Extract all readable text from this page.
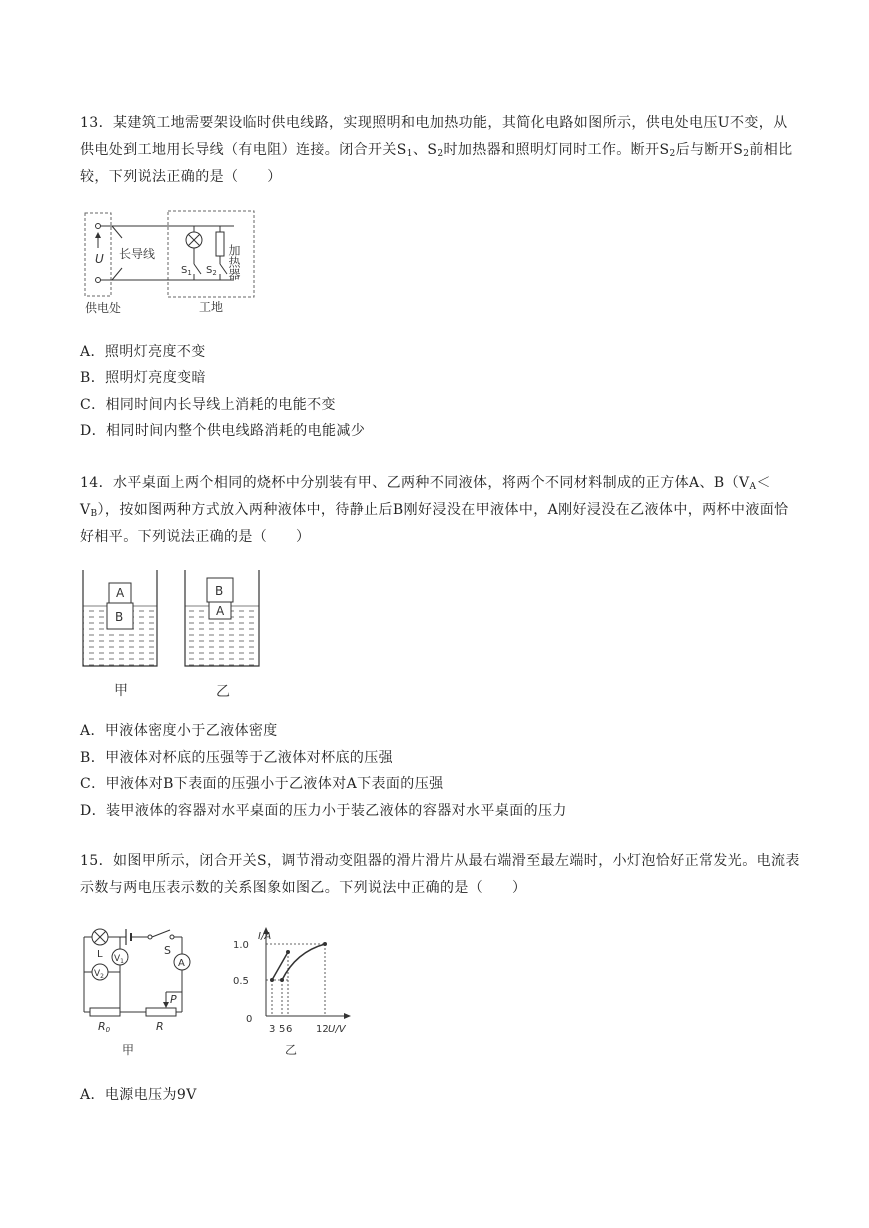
13．某建筑工地需要架设临时供电线路，实现照明和电加热功能，其简化电路如图所示，供电处电压U不变，从供电处到工地用长导线（有电阻）连接。闭合开关$S_1$、$S_2$时加热器和照明灯同时工作。断开$S_2$后与断开$S_2$前相比较，下列说法正确的是（　　）
U 长导线
$S_1$ $S_2$ 加热器
供电处	工地
A．照明灯亮度不变
B．照明灯亮度变暗
C．相同时间内长导线上消耗的电能不变
D．相同时间内整个供电线路消耗的电能减少
14．水平桌面上两个相同的烧杯中分别装有甲、乙两种不同液体，将两个不同材料制成的正方体A、$B(V_A<V_B)$，按如图两种方式放入两种液体中，待静止后B刚好浸没在甲液体中，A刚好浸没在乙液体中，两杯中液面恰好相平。下列说法正确的是（　　）
A
B
B
A
甲	乙
A．甲液体密度小于乙液体密度
B．甲液体对杯底的压强等于乙液体对杯底的压强
C．甲液体对B下表面的压强小于乙液体对A下表面的压强
D．装甲液体的容器对水平桌面的压力小于装乙液体的容器对水平桌面的压力
15．如图甲所示，闭合开关S，调节滑动变阻器的滑片滑片从最右端滑至最左端时，小灯泡恰好正常发光。电流表示数与两电压表示数的关系图象如图乙。下列说法中正确的是（　　）
S
A
P
$V_1$
$V_2$
L
R0	R
甲
I/A
U/V
1.0
0.5
0
3 5 6 12
乙
A．电源电压为9V
